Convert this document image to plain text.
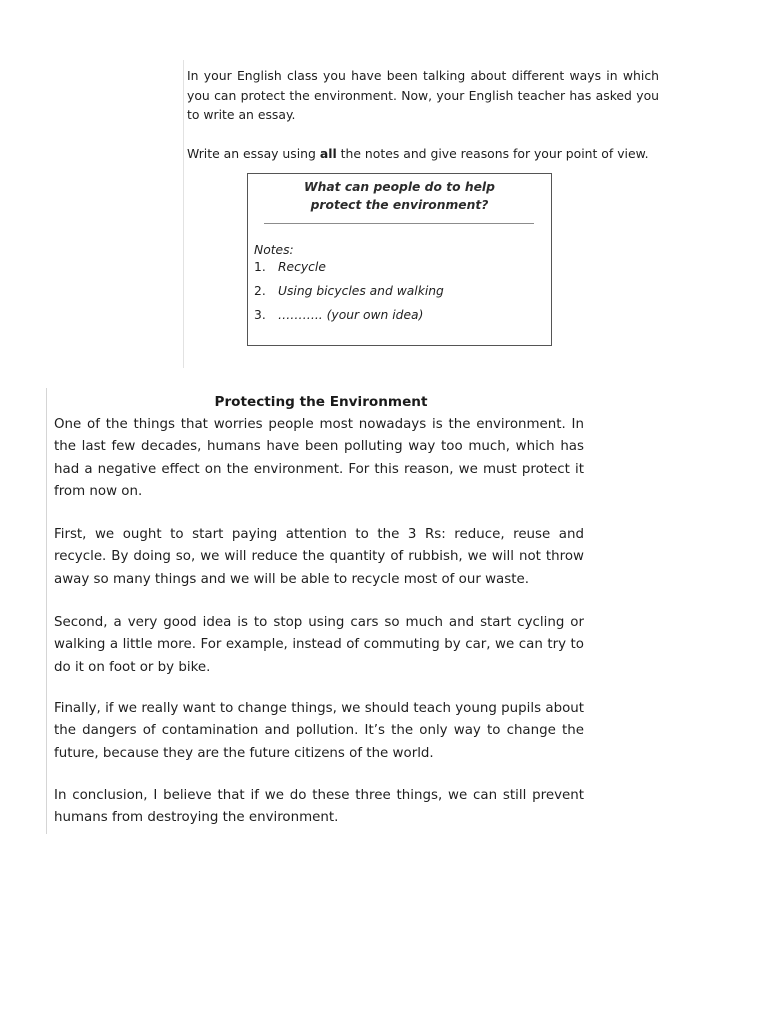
In your English class you have been talking about different ways in which you can protect the environment. Now, your English teacher has asked you to write an essay.

Write an essay using all the notes and give reasons for your point of view.

What can people do to help
protect the environment?
Notes:
1. Recycle
2. Using bicycles and walking
3. ……….. (your own idea)
Protecting the Environment

One of the things that worries people most nowadays is the environment. In the last few decades, humans have been polluting way too much, which has had a negative effect on the environment. For this reason, we must protect it from now on.

First, we ought to start paying attention to the 3 Rs: reduce, reuse and recycle. By doing so, we will reduce the quantity of rubbish, we will not throw away so many things and we will be able to recycle most of our waste.

Second, a very good idea is to stop using cars so much and start cycling or walking a little more. For example, instead of commuting by car, we can try to do it on foot or by bike.

Finally, if we really want to change things, we should teach young pupils about the dangers of contamination and pollution. It’s the only way to change the future, because they are the future citizens of the world.

In conclusion, I believe that if we do these three things, we can still prevent humans from destroying the environment.
